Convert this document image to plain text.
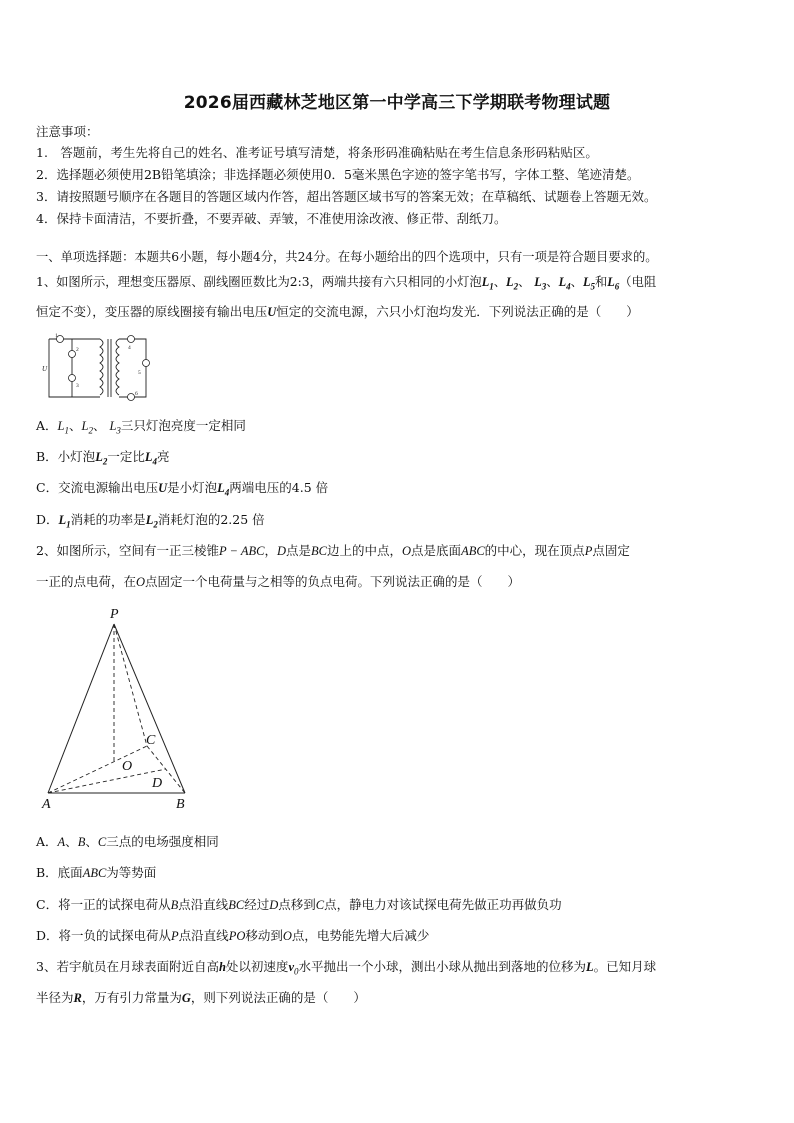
2026届西藏林芝地区第一中学高三下学期联考物理试题
注意事项：
1.　答题前，考生先将自己的姓名、准考证号填写清楚，将条形码准确粘贴在考生信息条形码粘贴区。
2．选择题必须使用2B铅笔填涂；非选择题必须使用0．5毫米黑色字迹的签字笔书写，字体工整、笔迹清楚。
3．请按照题号顺序在各题目的答题区域内作答，超出答题区域书写的答案无效；在草稿纸、试题卷上答题无效。
4．保持卡面清洁，不要折叠，不要弄破、弄皱，不准使用涂改液、修正带、刮纸刀。
一、单项选择题：本题共6小题，每小题4分，共24分。在每小题给出的四个选项中，只有一项是符合题目要求的。
1、如图所示，理想变压器原、副线圈匝数比为2:3，两端共接有六只相同的小灯泡$L_1$、$L_2$、 $L_3$、$L_4$、$L_5$和$L_6$（电阻
恒定不变），变压器的原线圈接有输出电压U恒定的交流电源，六只小灯泡均发光．下列说法正确的是（　　）
1
2
3
4
5
6
U
A．$L_1$、$L_2$、 $L_3$三只灯泡亮度一定相同
B．小灯泡$L_2$一定比$L_4$亮
C．交流电源输出电压U是小灯泡$L_4$两端电压的4.5 倍
D．$L_1$消耗的功率是$L_2$消耗灯泡的2.25 倍
2、如图所示，空间有一正三棱锥P − ABC，D点是BC边上的中点，O点是底面ABC的中心，现在顶点P点固定
一正的点电荷，在O点固定一个电荷量与之相等的负点电荷。下列说法正确的是（　　）
P
A	B
C
D
O
A．A、B、C三点的电场强度相同
B．底面ABC为等势面
C．将一正的试探电荷从B点沿直线BC经过D点移到C点，静电力对该试探电荷先做正功再做负功
D．将一负的试探电荷从P点沿直线PO移动到O点，电势能先增大后减少
3、若宇航员在月球表面附近自高h处以初速度$v_0$水平抛出一个小球，测出小球从抛出到落地的位移为L。已知月球
半径为R，万有引力常量为G，则下列说法正确的是（　　）
